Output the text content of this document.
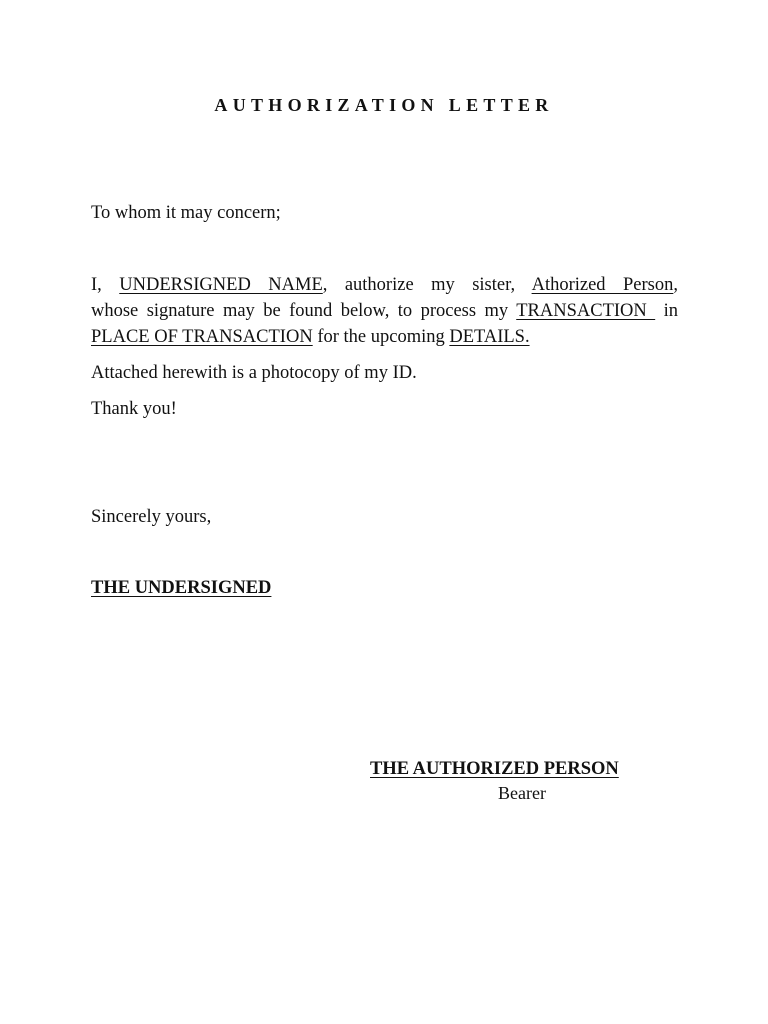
AUTHORIZATION LETTER
To whom it may concern;
I, UNDERSIGNED NAME, authorize my sister, Athorized Person,
whose signature may be found below, to process my TRANSACTION  in
PLACE OF TRANSACTION for the upcoming DETAILS.
Attached herewith is a photocopy of my ID.
Thank you!
Sincerely yours,
THE UNDERSIGNED
THE AUTHORIZED PERSON
Bearer
